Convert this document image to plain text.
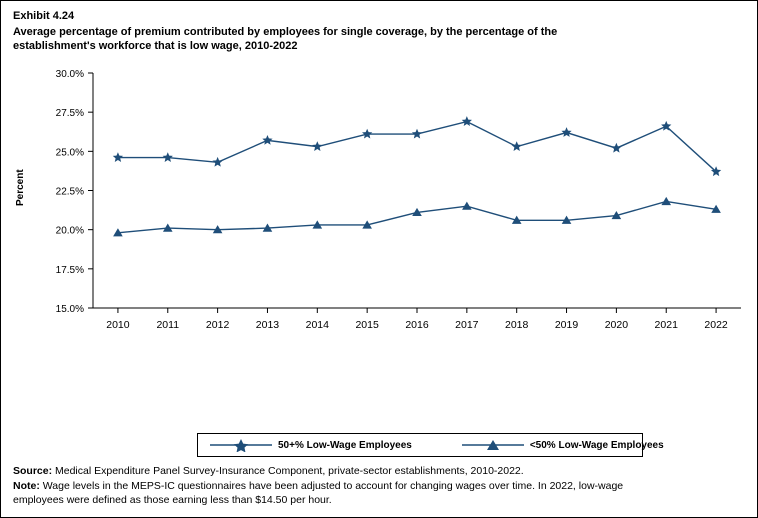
Exhibit 4.24
Average percentage of premium contributed by employees for single coverage, by the percentage of the
establishment's workforce that is low wage, 2010-2022
Percent
15.0%
17.5%
20.0%
22.5%
25.0%
27.5%
30.0%
2010	2011	2012	2013	2014	2015	2016	2017	2018	2019	2020	2021	2022
50+% Low-Wage Employees	<50% Low-Wage Employees
Source: Medical Expenditure Panel Survey-Insurance Component, private-sector establishments, 2010-2022.
Note: Wage levels in the MEPS-IC questionnaires have been adjusted to account for changing wages over time. In 2022, low-wage
employees were defined as those earning less than $14.50 per hour.
